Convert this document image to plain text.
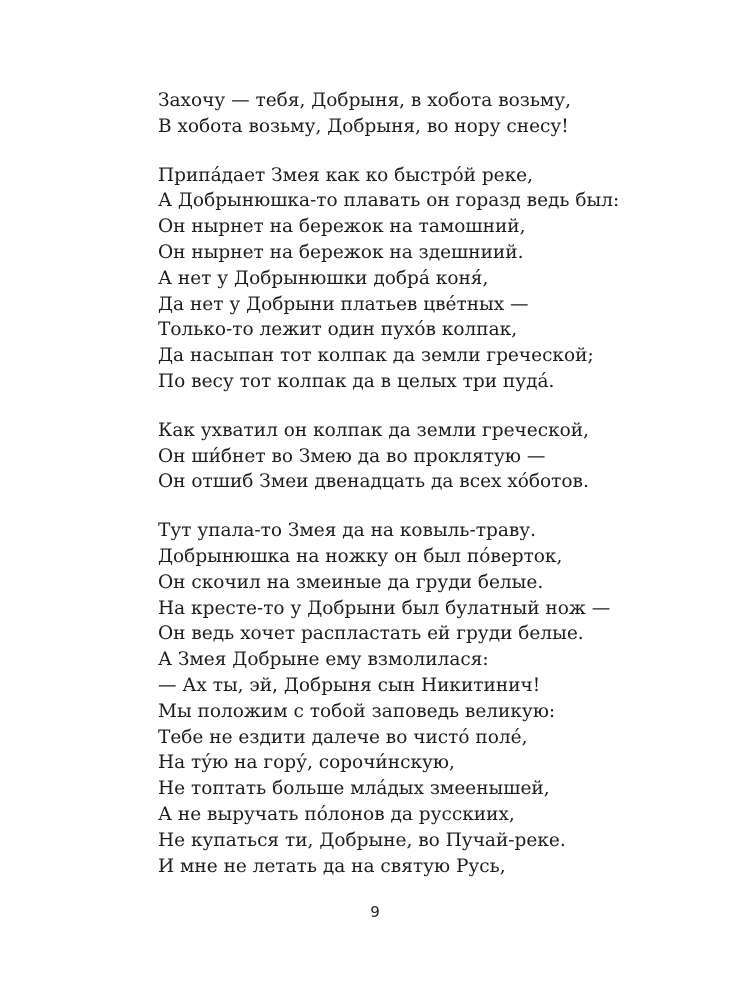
Захочу — тебя, Добрыня, в хобота возьму,
В хобота возьму, Добрыня, во нору снесу!
Припа́дает Змея как ко быстро́й реке,
А Добрынюшка-то плавать он горазд ведь был:
Он нырнет на бережок на тамошний,
Он нырнет на бережок на здешниий.
А нет у Добрынюшки добра́ коня́,
Да нет у Добрыни платьев цве́тных —
Только-то лежит один пухо́в колпак,
Да насыпан тот колпак да земли греческой;
По весу тот колпак да в целых три пуда́.
Как ухватил он колпак да земли греческой,
Он ши́бнет во Змею да во проклятую —
Он отшиб Змеи двенадцать да всех хо́ботов.
Тут упала-то Змея да на ковыль-траву.
Добрынюшка на ножку он был по́верток,
Он скочил на змеиные да груди белые.
На кресте-то у Добрыни был булатный нож —
Он ведь хочет распластать ей груди белые.
А Змея Добрыне ему взмолилася:
— Ах ты, эй, Добрыня сын Никитинич!
Мы положим с тобой заповедь великую:
Тебе не ездити далече во чисто́ поле́,
На ту́ю на гору́, сорочи́нскую,
Не топтать больше мла́дых змеенышей,
А не выручать по́лонов да русскиих,
Не купаться ти, Добрыне, во Пучай-реке.
И мне не летать да на святую Русь,
9
